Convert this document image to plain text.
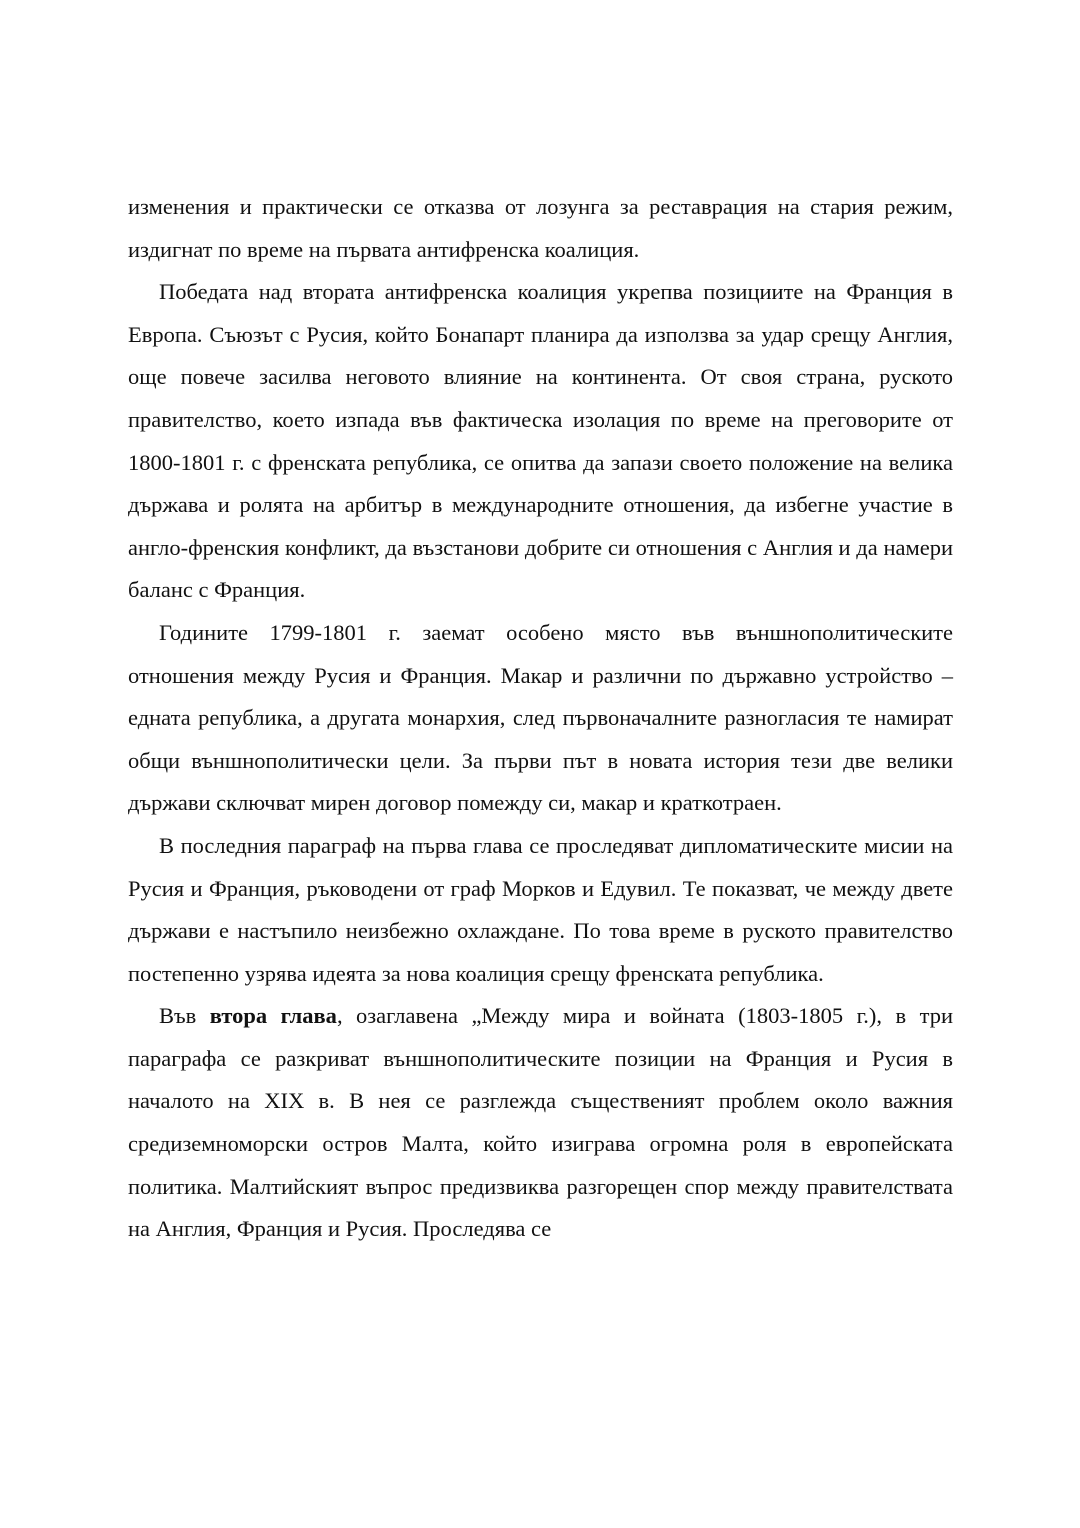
изменения и практически се отказва от лозунга за реставрация на стария режим, издигнат по време на първата антифренска коалиция.

Победата над втората антифренска коалиция укрепва позициите на Франция в Европа. Съюзът с Русия, който Бонапарт планира да използва за удар срещу Англия, още повече засилва неговото влияние на континента. От своя страна, руското правителство, което изпада във фактическа изолация по време на преговорите от 1800-1801 г. с френската република, се опитва да запази своето положение на велика държава и ролята на арбитър в международните отношения, да избегне участие в англо-френския конфликт, да възстанови добрите си отношения с Англия и да намери баланс с Франция.

Годините 1799-1801 г. заемат особено място във външнополитическите отношения между Русия и Франция. Макар и различни по държавно устройство – едната република, а другата монархия, след първоначалните разногласия те намират общи външнополитически цели. За първи път в новата история тези две велики държави сключват мирен договор помежду си, макар и краткотраен.

В последния параграф на първа глава се проследяват дипломатическите мисии на Русия и Франция, ръководени от граф Морков и Едувил. Те показват, че между двете държави е настъпило неизбежно охлаждане. По това време в руското правителство постепенно узрява идеята за нова коалиция срещу френската република.

Във втора глава, озаглавена „Между мира и войната (1803-1805 г.), в три параграфа се разкриват външнополитическите позиции на Франция и Русия в началото на XIX в. В нея се разглежда същественият проблем около важния средиземноморски остров Малта, който изиграва огромна роля в европейската политика. Малтийският въпрос предизвиква разгорещен спор между правителствата на Англия, Франция и Русия. Проследява се
